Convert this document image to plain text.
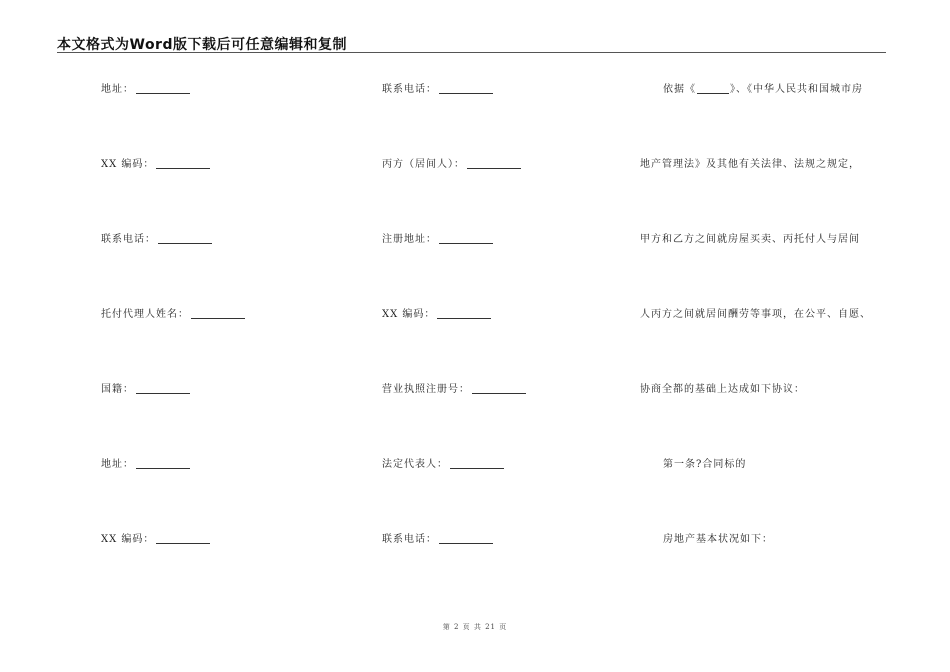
本文格式为Word版下载后可任意编辑和复制
地址：
XX 编码：
联系电话：
托付代理人姓名：
国籍：
地址：
XX 编码：
联系电话：
丙方（居间人）：
注册地址：
XX 编码：
营业执照注册号：
法定代表人：
联系电话：
依据《	》、《中华人民共和国城市房
地产管理法》及其他有关法律、法规之规定，
甲方和乙方之间就房屋买卖、丙托付人与居间
人丙方之间就居间酬劳等事项，在公平、自愿、
协商全都的基础上达成如下协议：
第一条?合同标的
房地产基本状况如下：
第 2 页 共 21 页
